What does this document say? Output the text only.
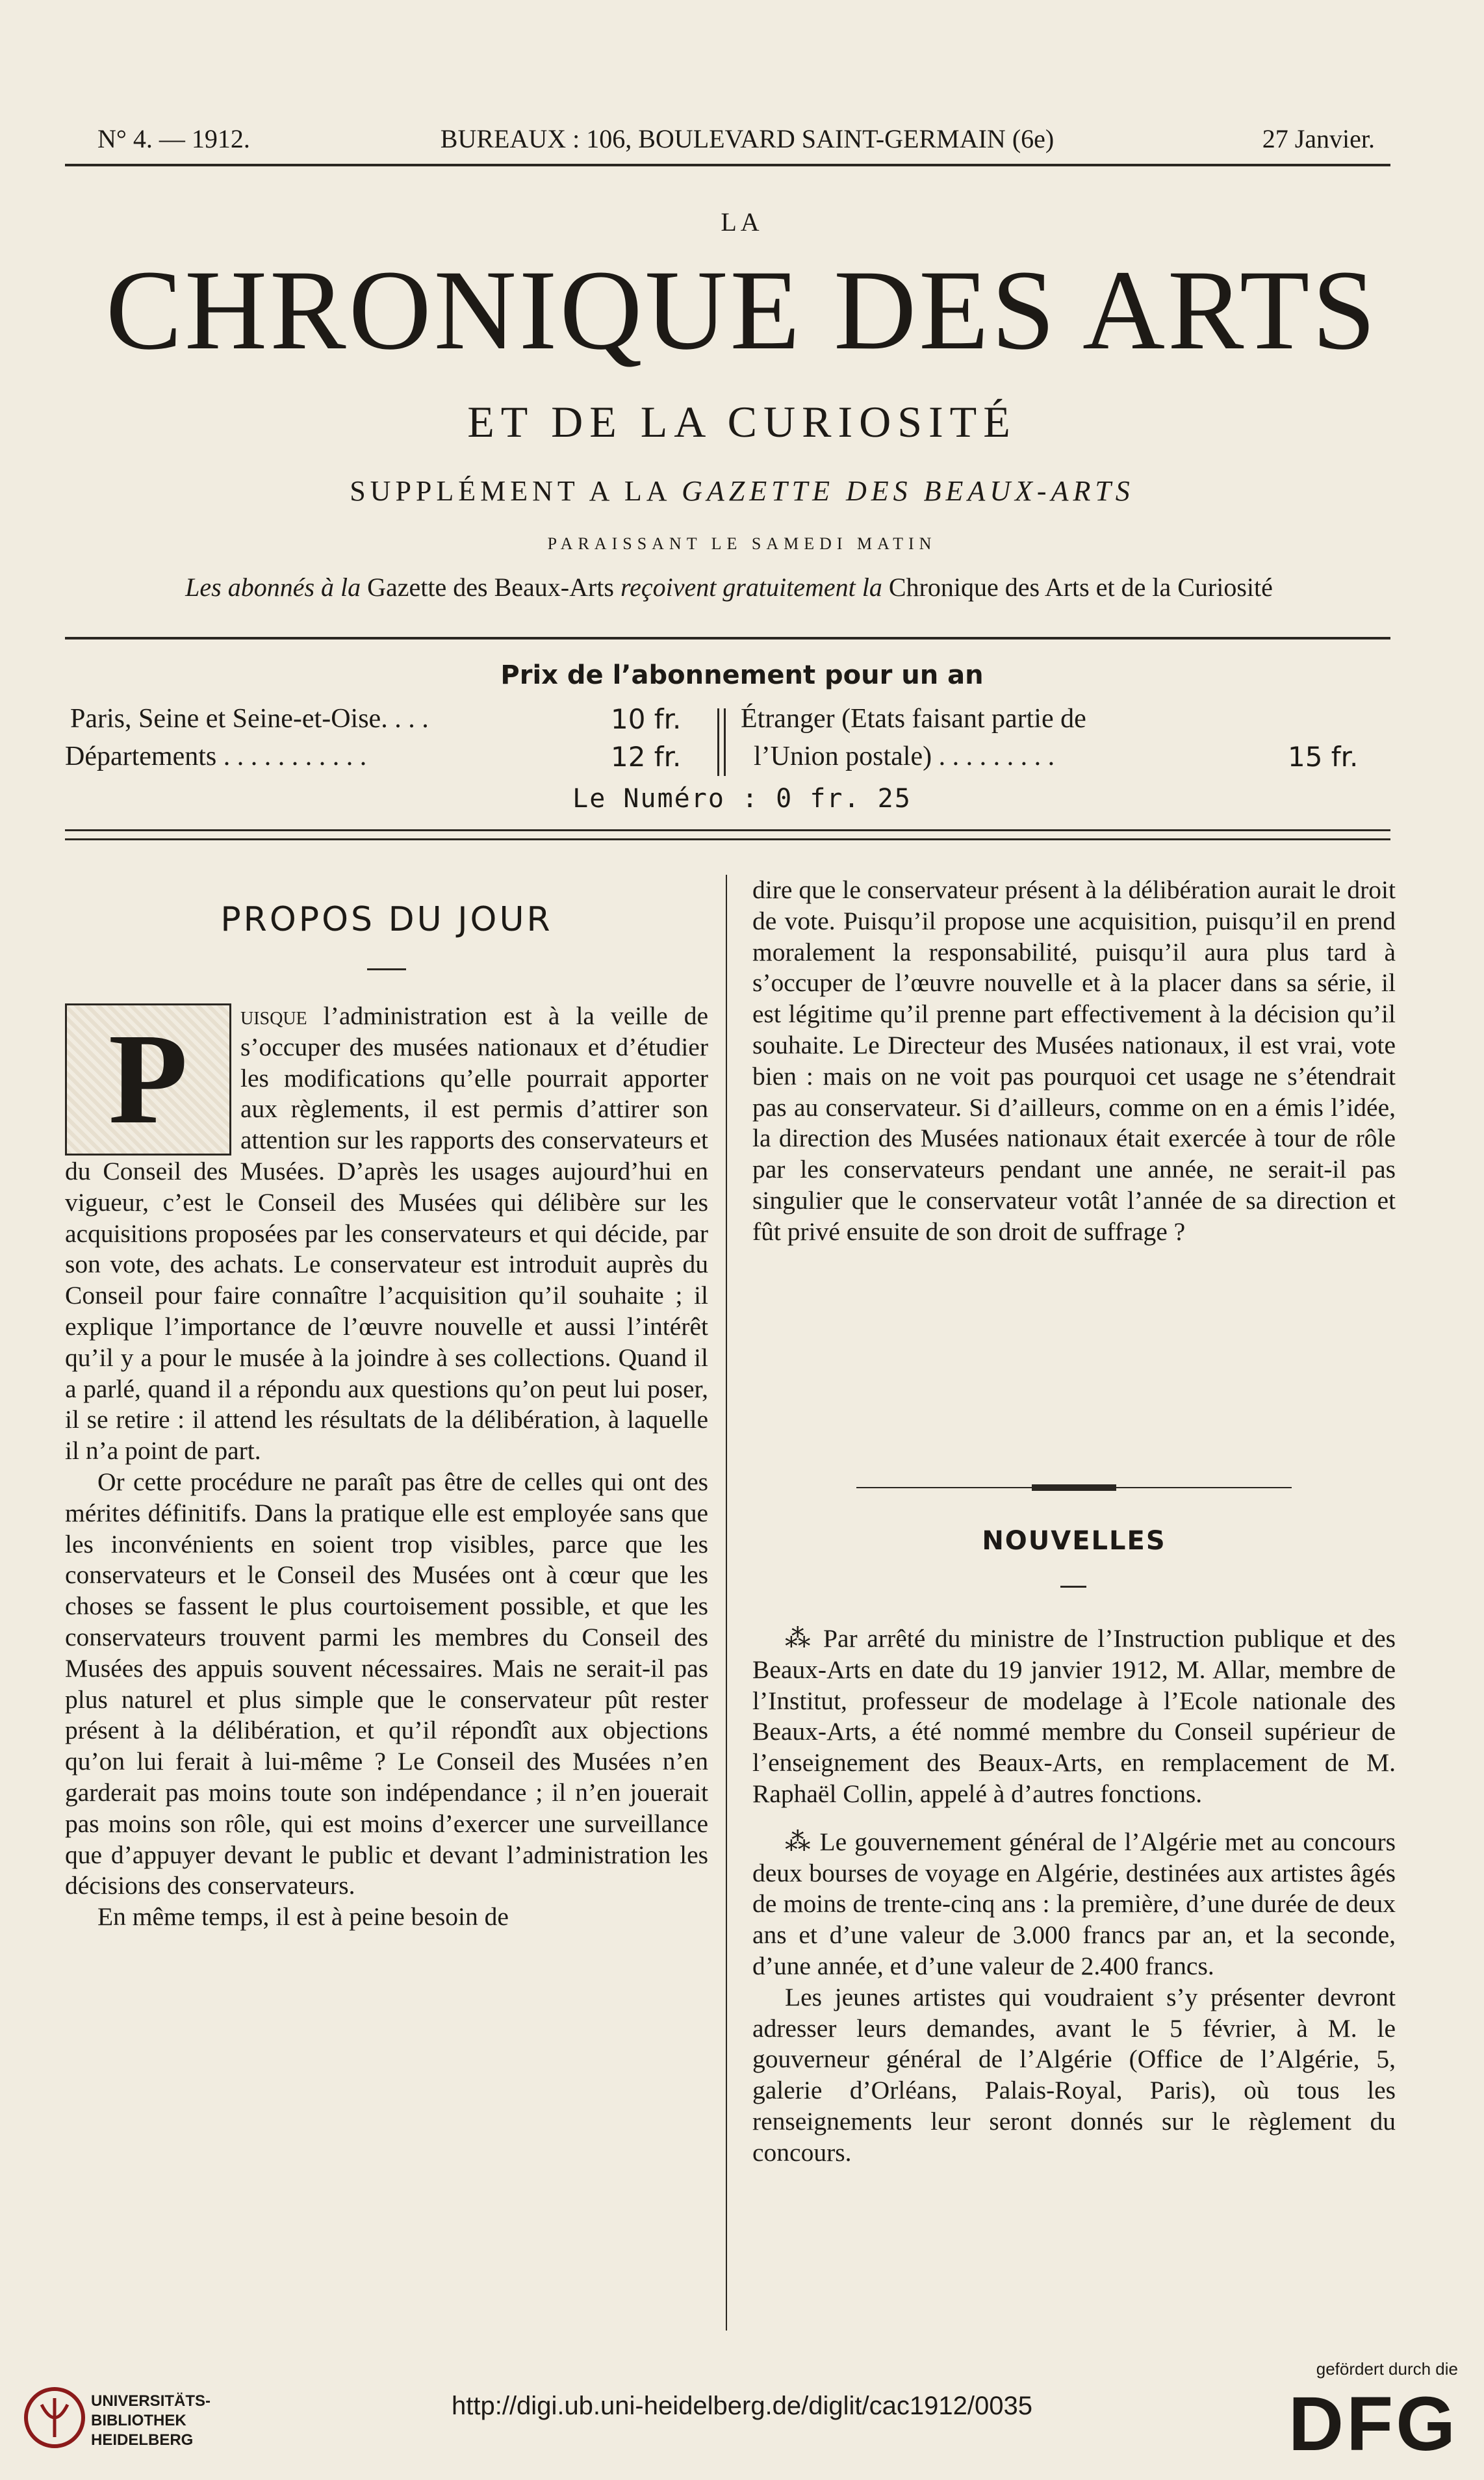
N° 4. — 1912.	BUREAUX : 106, BOULEVARD SAINT-GERMAIN (6e)	27 Janvier.
LA
CHRONIQUE DES ARTS
ET DE LA CURIOSITÉ
SUPPLÉMENT A LA GAZETTE DES BEAUX-ARTS
PARAISSANT LE SAMEDI MATIN
Les abonnés à la Gazette des Beaux-Arts reçoivent gratuitement la Chronique des Arts et de la Curiosité
Prix de l’abonnement pour un an
Paris, Seine et Seine-et-Oise. . . .	10 fr.
Départements . . . . . . . . . . .	12 fr.
Étranger (Etats faisant partie de
l’Union postale) . . . . . . . . .	15 fr.
Le Numéro : 0 fr. 25
PROPOS DU JOUR

P	uisque l’administration est à la veille de s’occuper des musées nationaux et d’étudier les modifications qu’elle pourrait apporter aux règlements, il est permis d’attirer son attention sur les rapports des conservateurs et du Conseil des Musées. D’après les usages aujourd’hui en vigueur, c’est le Conseil des Musées qui délibère sur les acquisitions proposées par les conservateurs et qui décide, par son vote, des achats. Le conservateur est introduit auprès du Conseil pour faire connaître l’acquisition qu’il souhaite ; il explique l’importance de l’œuvre nouvelle et aussi l’intérêt qu’il y a pour le musée à la joindre à ses collections. Quand il a parlé, quand il a répondu aux questions qu’on peut lui poser, il se retire : il attend les résultats de la délibération, à laquelle il n’a point de part.

Or cette procédure ne paraît pas être de celles qui ont des mérites définitifs. Dans la pratique elle est employée sans que les inconvénients en soient trop visibles, parce que les conservateurs et le Conseil des Musées ont à cœur que les choses se fassent le plus courtoisement possible, et que les conservateurs trouvent parmi les membres du Conseil des Musées des appuis souvent nécessaires. Mais ne serait-il pas plus naturel et plus simple que le conservateur pût rester présent à la délibération, et qu’il répondît aux objections qu’on lui ferait à lui-même ? Le Conseil des Musées n’en garderait pas moins toute son indépendance ; il n’en jouerait pas moins son rôle, qui est moins d’exercer une surveillance que d’appuyer devant le public et devant l’administration les décisions des conservateurs.

En même temps, il est à peine besoin de

dire que le conservateur présent à la délibération aurait le droit de vote. Puisqu’il propose une acquisition, puisqu’il en prend moralement la responsabilité, puisqu’il aura plus tard à s’occuper de l’œuvre nouvelle et à la placer dans sa série, il est légitime qu’il prenne part effectivement à la décision qu’il souhaite. Le Directeur des Musées nationaux, il est vrai, vote bien : mais on ne voit pas pourquoi cet usage ne s’étendrait pas au conservateur. Si d’ailleurs, comme on en a émis l’idée, la direction des Musées nationaux était exercée à tour de rôle par les conservateurs pendant une année, ne serait-il pas singulier que le conservateur votât l’année de sa direction et fût privé ensuite de son droit de suffrage ?

NOUVELLES

⁂ Par arrêté du ministre de l’Instruction publique et des Beaux-Arts en date du 19 janvier 1912, M. Allar, membre de l’Institut, professeur de modelage à l’Ecole nationale des Beaux-Arts, a été nommé membre du Conseil supérieur de l’enseignement des Beaux-Arts, en remplacement de M. Raphaël Collin, appelé à d’autres fonctions.

⁂ Le gouvernement général de l’Algérie met au concours deux bourses de voyage en Algérie, destinées aux artistes âgés de moins de trente-cinq ans : la première, d’une durée de deux ans et d’une valeur de 3.000 francs par an, et la seconde, d’une année, et d’une valeur de 2.400 francs.

Les jeunes artistes qui voudraient s’y présenter devront adresser leurs demandes, avant le 5 février, à M. le gouverneur général de l’Algérie (Office de l’Algérie, 5, galerie d’Orléans, Palais-Royal, Paris), où tous les renseignements leur seront donnés sur le règlement du concours.

UNIVERSITÄTS-
BIBLIOTHEK
HEIDELBERG
http://digi.ub.uni-heidelberg.de/diglit/cac1912/0035
gefördert durch die
DFG
